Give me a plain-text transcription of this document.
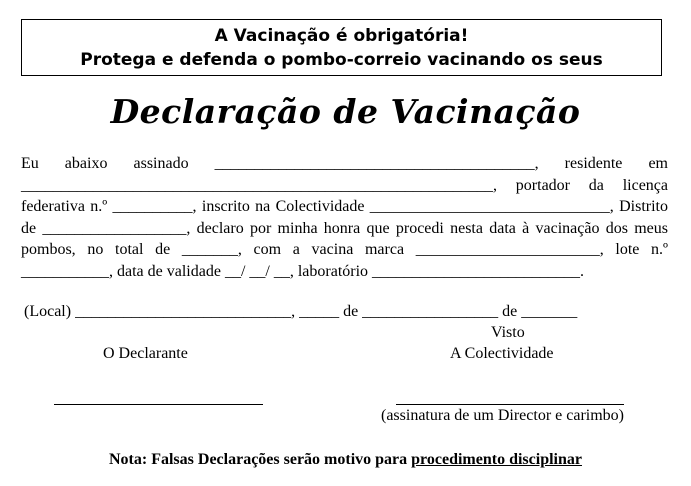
A Vacinação é obrigatória!
Protega e defenda o pombo-correio vacinando os seus
Declaração de Vacinação
Eu abaixo assinado ________________________________________, residente em ___________________________________________________________, portador da licença federativa n.º __________, inscrito na Colectividade ______________________________, Distrito de __________________, declaro por minha honra que procedi nesta data à vacinação dos meus pombos, no total de _______, com a vacina marca _______________________, lote n.º ___________, data de validade __/ __/ __, laboratório __________________________.
(Local) ___________________________, _____ de _________________ de _______
Visto
O Declarante	A Colectividade
(assinatura de um Director e carimbo)
Nota: Falsas Declarações serão motivo para procedimento disciplinar
